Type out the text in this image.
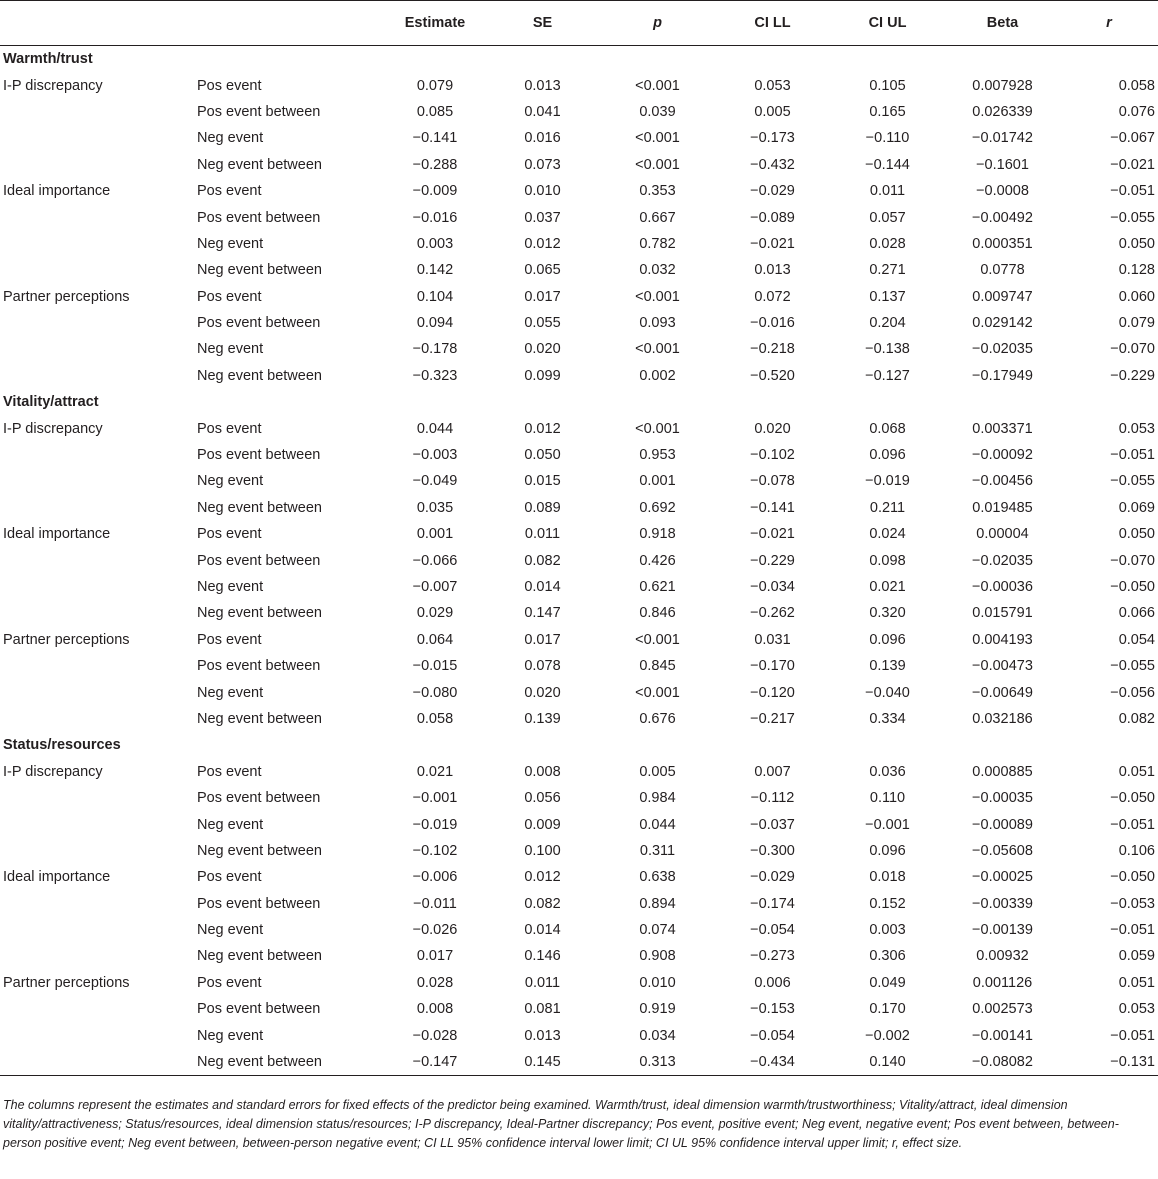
		Estimate	SE	p	CI LL	CI UL	Beta	r
Warmth/trust								
I-P discrepancy	Pos event	0.079	0.013	<0.001	0.053	0.105	0.007928	0.058
	Pos event between	0.085	0.041	0.039	0.005	0.165	0.026339	0.076
	Neg event	−0.141	0.016	<0.001	−0.173	−0.110	−0.01742	−0.067
	Neg event between	−0.288	0.073	<0.001	−0.432	−0.144	−0.1601	−0.021
Ideal importance	Pos event	−0.009	0.010	0.353	−0.029	0.011	−0.0008	−0.051
	Pos event between	−0.016	0.037	0.667	−0.089	0.057	−0.00492	−0.055
	Neg event	0.003	0.012	0.782	−0.021	0.028	0.000351	0.050
	Neg event between	0.142	0.065	0.032	0.013	0.271	0.0778	0.128
Partner perceptions	Pos event	0.104	0.017	<0.001	0.072	0.137	0.009747	0.060
	Pos event between	0.094	0.055	0.093	−0.016	0.204	0.029142	0.079
	Neg event	−0.178	0.020	<0.001	−0.218	−0.138	−0.02035	−0.070
	Neg event between	−0.323	0.099	0.002	−0.520	−0.127	−0.17949	−0.229
Vitality/attract								
I-P discrepancy	Pos event	0.044	0.012	<0.001	0.020	0.068	0.003371	0.053
	Pos event between	−0.003	0.050	0.953	−0.102	0.096	−0.00092	−0.051
	Neg event	−0.049	0.015	0.001	−0.078	−0.019	−0.00456	−0.055
	Neg event between	0.035	0.089	0.692	−0.141	0.211	0.019485	0.069
Ideal importance	Pos event	0.001	0.011	0.918	−0.021	0.024	0.00004	0.050
	Pos event between	−0.066	0.082	0.426	−0.229	0.098	−0.02035	−0.070
	Neg event	−0.007	0.014	0.621	−0.034	0.021	−0.00036	−0.050
	Neg event between	0.029	0.147	0.846	−0.262	0.320	0.015791	0.066
Partner perceptions	Pos event	0.064	0.017	<0.001	0.031	0.096	0.004193	0.054
	Pos event between	−0.015	0.078	0.845	−0.170	0.139	−0.00473	−0.055
	Neg event	−0.080	0.020	<0.001	−0.120	−0.040	−0.00649	−0.056
	Neg event between	0.058	0.139	0.676	−0.217	0.334	0.032186	0.082
Status/resources								
I-P discrepancy	Pos event	0.021	0.008	0.005	0.007	0.036	0.000885	0.051
	Pos event between	−0.001	0.056	0.984	−0.112	0.110	−0.00035	−0.050
	Neg event	−0.019	0.009	0.044	−0.037	−0.001	−0.00089	−0.051
	Neg event between	−0.102	0.100	0.311	−0.300	0.096	−0.05608	0.106
Ideal importance	Pos event	−0.006	0.012	0.638	−0.029	0.018	−0.00025	−0.050
	Pos event between	−0.011	0.082	0.894	−0.174	0.152	−0.00339	−0.053
	Neg event	−0.026	0.014	0.074	−0.054	0.003	−0.00139	−0.051
	Neg event between	0.017	0.146	0.908	−0.273	0.306	0.00932	0.059
Partner perceptions	Pos event	0.028	0.011	0.010	0.006	0.049	0.001126	0.051
	Pos event between	0.008	0.081	0.919	−0.153	0.170	0.002573	0.053
	Neg event	−0.028	0.013	0.034	−0.054	−0.002	−0.00141	−0.051
	Neg event between	−0.147	0.145	0.313	−0.434	0.140	−0.08082	−0.131
The columns represent the estimates and standard errors for fixed effects of the predictor being examined. Warmth/trust, ideal dimension warmth/trustworthiness; Vitality/attract, ideal dimension vitality/attractiveness; Status/resources, ideal dimension status/resources; I-P discrepancy, Ideal-Partner discrepancy; Pos event, positive event; Neg event, negative event; Pos event between, between-person positive event; Neg event between, between-person negative event; CI LL 95% confidence interval lower limit; CI UL 95% confidence interval upper limit; r, effect size.
